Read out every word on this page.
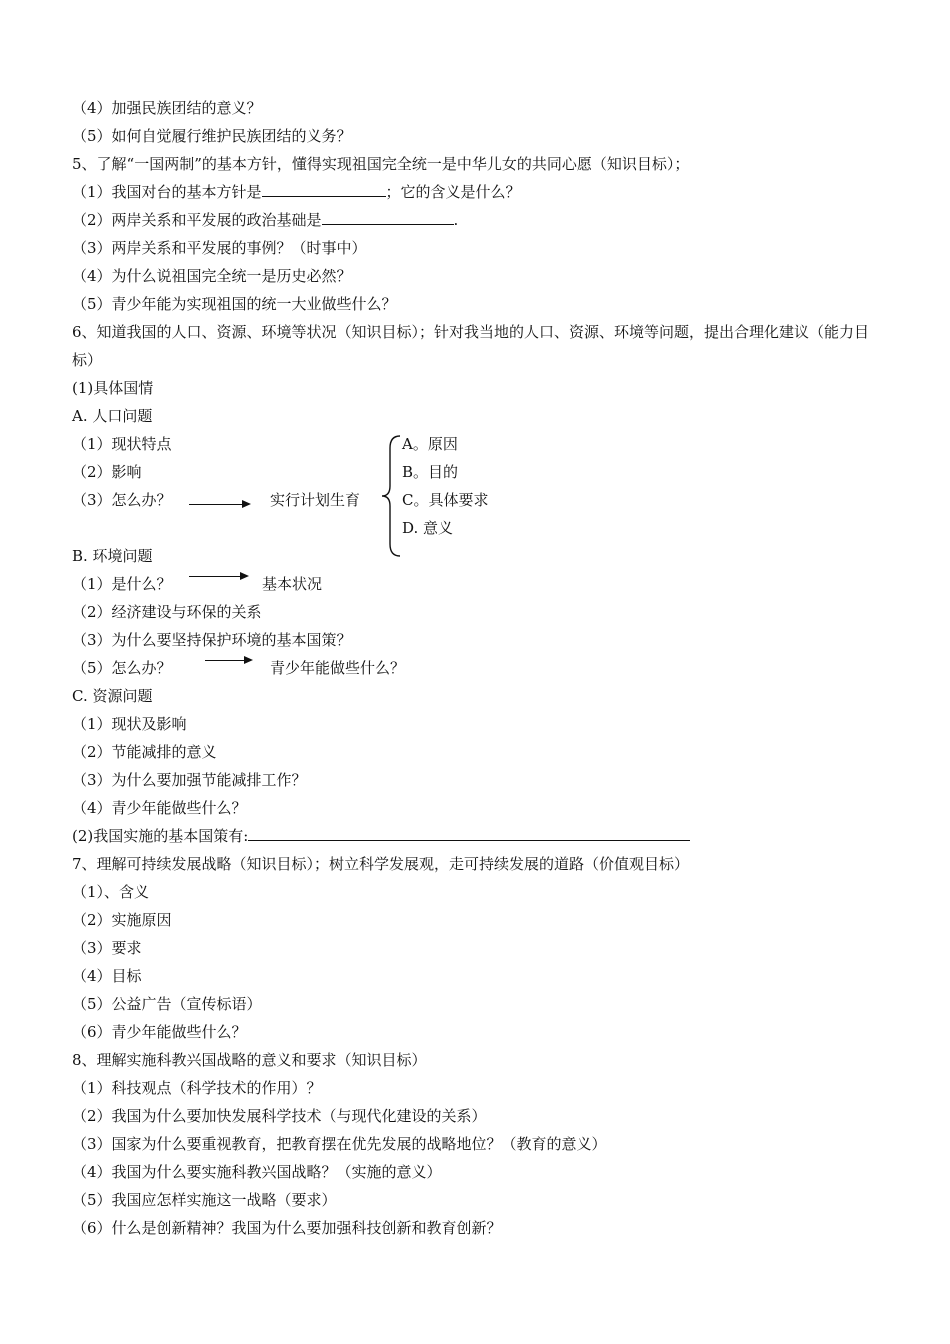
（4）加强民族团结的意义？
（5）如何自觉履行维护民族团结的义务？
5、了解“一国两制”的基本方针，懂得实现祖国完全统一是中华儿女的共同心愿（知识目标）；
（1）我国对台的基本方针是	；它的含义是什么？
（2）两岸关系和平发展的政治基础是	.
（3）两岸关系和平发展的事例？（时事中）
（4）为什么说祖国完全统一是历史必然？
（5）青少年能为实现祖国的统一大业做些什么？
6、知道我国的人口、资源、环境等状况（知识目标）；针对我当地的人口、资源、环境等问题，提出合理化建议（能力目标）
(1)具体国情
A. 人口问题
（1）现状特点
（2）影响
（3）怎么办？	实行计划生育
A。原因
B。目的
C。具体要求
D. 意义
B. 环境问题
（1）是什么？	基本状况
（2）经济建设与环保的关系
（3）为什么要坚持保护环境的基本国策？
（5）怎么办？	青少年能做些什么？
C. 资源问题
（1）现状及影响
（2）节能减排的意义
（3）为什么要加强节能减排工作？
（4）青少年能做些什么？
(2)我国实施的基本国策有:
7、理解可持续发展战略（知识目标）；树立科学发展观，走可持续发展的道路（价值观目标）
（1）、含义
（2）实施原因
（3）要求
（4）目标
（5）公益广告（宣传标语）
（6）青少年能做些什么？
8、理解实施科教兴国战略的意义和要求（知识目标）
（1）科技观点（科学技术的作用）？
（2）我国为什么要加快发展科学技术（与现代化建设的关系）
（3）国家为什么要重视教育，把教育摆在优先发展的战略地位？（教育的意义）
（4）我国为什么要实施科教兴国战略？（实施的意义）
（5）我国应怎样实施这一战略（要求）
（6）什么是创新精神？我国为什么要加强科技创新和教育创新？
